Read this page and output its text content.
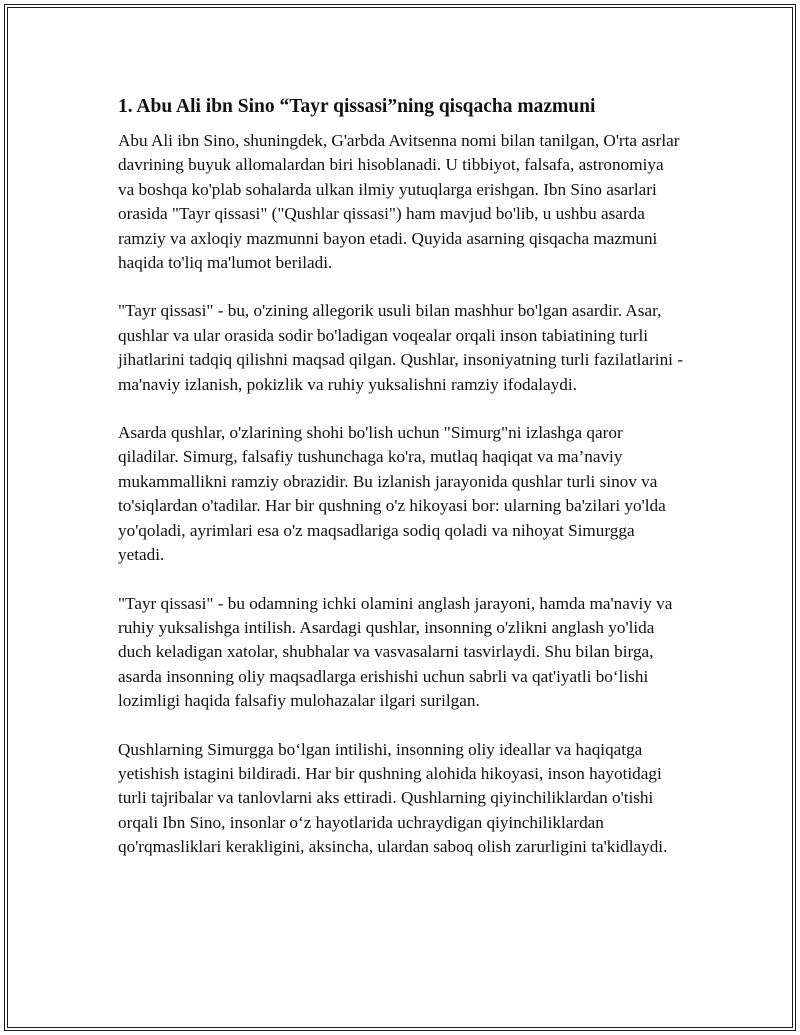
1. Abu Ali ibn Sino “Tayr qissasi”ning qisqacha mazmuni

Abu Ali ibn Sino, shuningdek, G'arbda Avitsenna nomi bilan tanilgan, O'rta asrlar davrining buyuk allomalardan biri hisoblanadi. U tibbiyot, falsafa, astronomiya va boshqa ko'plab sohalarda ulkan ilmiy yutuqlarga erishgan. Ibn Sino asarlari orasida "Tayr qissasi" ("Qushlar qissasi") ham mavjud bo'lib, u ushbu asarda ramziy va axloqiy mazmunni bayon etadi. Quyida asarning qisqacha mazmuni haqida to'liq ma'lumot beriladi.

"Tayr qissasi" - bu, o'zining allegorik usuli bilan mashhur bo'lgan asardir. Asar, qushlar va ular orasida sodir bo'ladigan voqealar orqali inson tabiatining turli jihatlarini tadqiq qilishni maqsad qilgan. Qushlar, insoniyatning turli fazilatlarini - ma'naviy izlanish, pokizlik va ruhiy yuksalishni ramziy ifodalaydi.

Asarda qushlar, o'zlarining shohi bo'lish uchun "Simurg"ni izlashga qaror qiladilar. Simurg, falsafiy tushunchaga ko'ra, mutlaq haqiqat va ma’naviy mukammallikni ramziy obrazidir. Bu izlanish jarayonida qushlar turli sinov va to'siqlardan o'tadilar. Har bir qushning o'z hikoyasi bor: ularning ba'zilari yo'lda yo'qoladi, ayrimlari esa o'z maqsadlariga sodiq qoladi va nihoyat Simurgga yetadi.

"Tayr qissasi" - bu odamning ichki olamini anglash jarayoni, hamda ma'naviy va ruhiy yuksalishga intilish. Asardagi qushlar, insonning o'zlikni anglash yo'lida duch keladigan xatolar, shubhalar va vasvasalarni tasvirlaydi. Shu bilan birga, asarda insonning oliy maqsadlarga erishishi uchun sabrli va qat'iyatli bo‘lishi lozimligi haqida falsafiy mulohazalar ilgari surilgan.

Qushlarning Simurgga bo‘lgan intilishi, insonning oliy ideallar va haqiqatga yetishish istagini bildiradi. Har bir qushning alohida hikoyasi, inson hayotidagi turli tajribalar va tanlovlarni aks ettiradi. Qushlarning qiyinchiliklardan o'tishi orqali Ibn Sino, insonlar o‘z hayotlarida uchraydigan qiyinchiliklardan qo'rqmasliklari kerakligini, aksincha, ulardan saboq olish zarurligini ta'kidlaydi.
